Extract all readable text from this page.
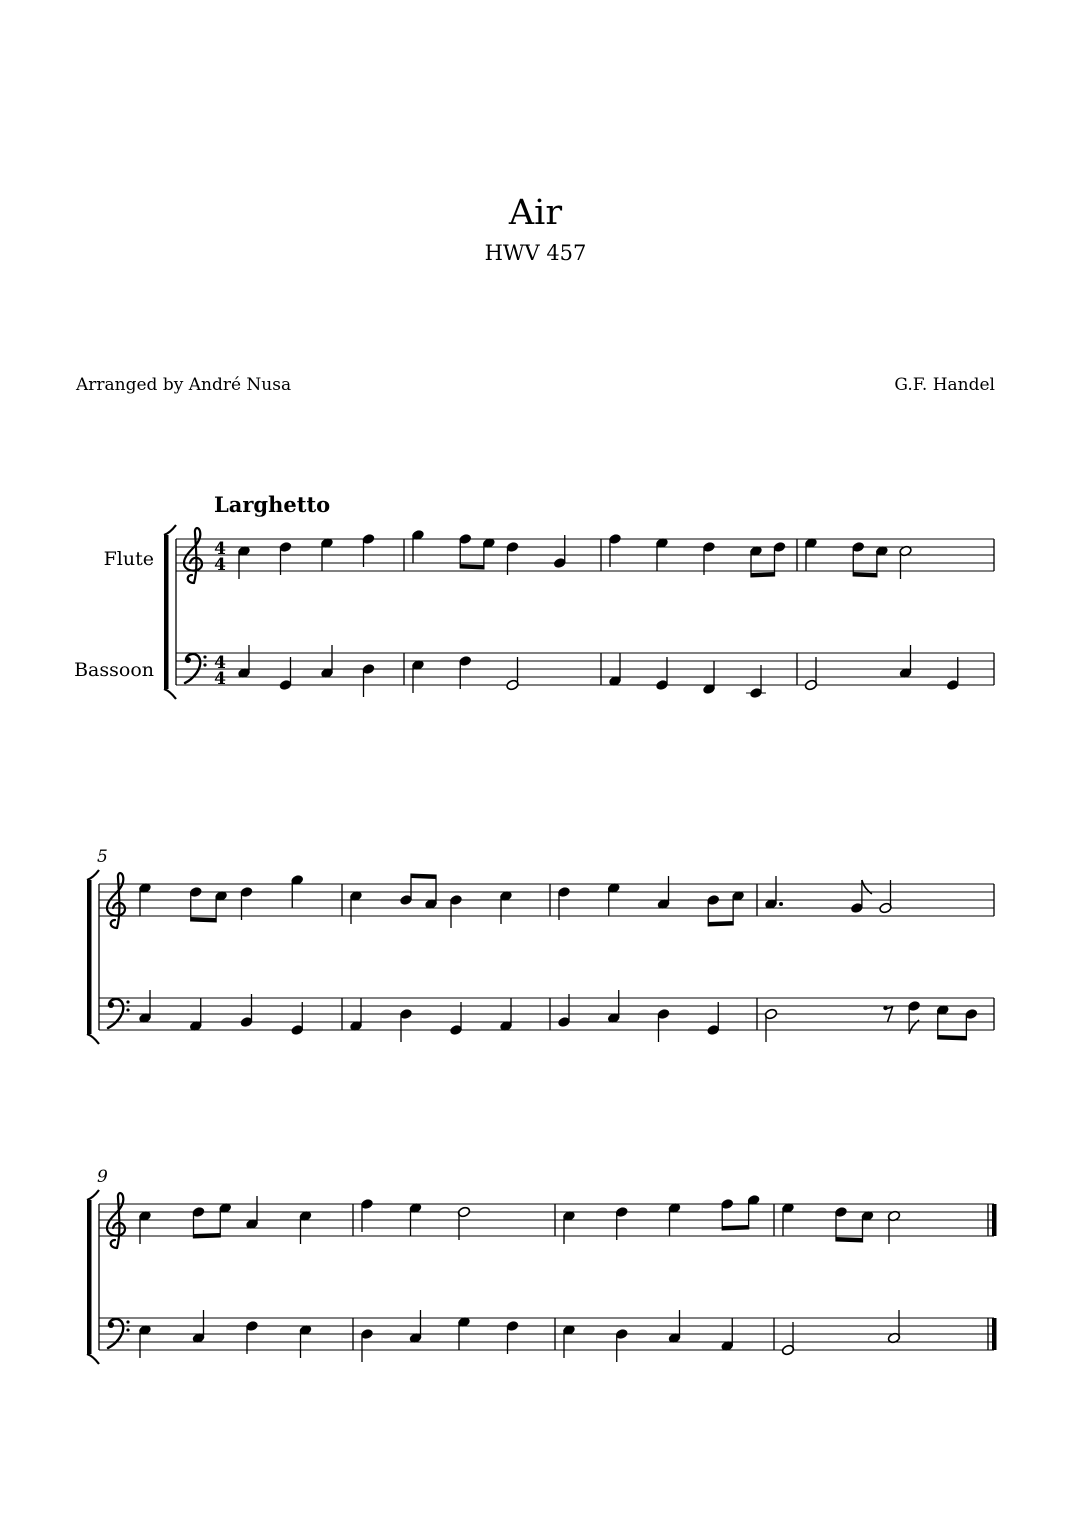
Air
HWV 457
Arranged by André Nusa	G.F. Handel
Larghetto
4
4
4
4
Flute
Bassoon
5
9
